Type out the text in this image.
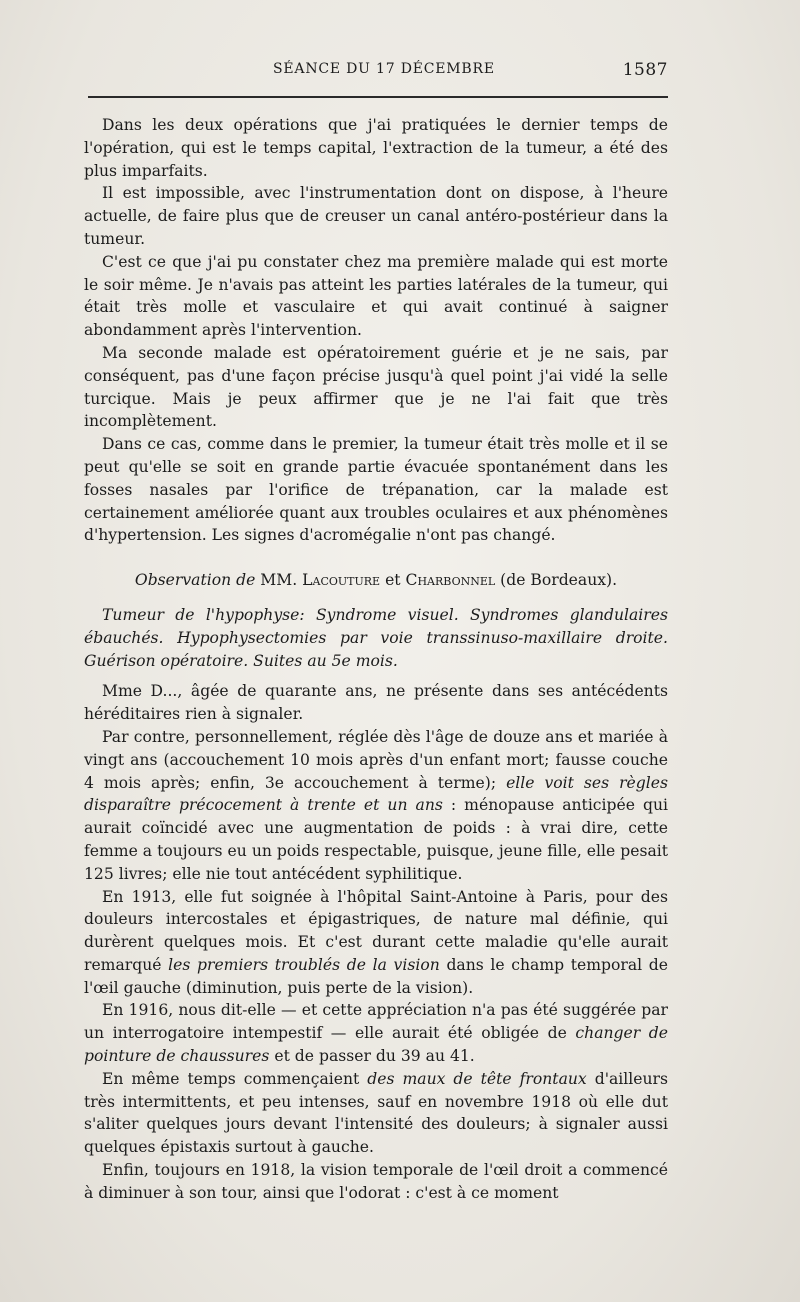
SÉANCE DU 17 DÉCEMBRE	1587

Dans les deux opérations que j'ai pratiquées le dernier temps de l'opération, qui est le temps capital, l'extraction de la tumeur, a été des plus imparfaits.

Il est impossible, avec l'instrumentation dont on dispose, à l'heure actuelle, de faire plus que de creuser un canal antéro-postérieur dans la tumeur.

C'est ce que j'ai pu constater chez ma première malade qui est morte le soir même. Je n'avais pas atteint les parties latérales de la tumeur, qui était très molle et vasculaire et qui avait continué à saigner abondamment après l'intervention.

Ma seconde malade est opératoirement guérie et je ne sais, par conséquent, pas d'une façon précise jusqu'à quel point j'ai vidé la selle turcique. Mais je peux affirmer que je ne l'ai fait que très incomplètement.

Dans ce cas, comme dans le premier, la tumeur était très molle et il se peut qu'elle se soit en grande partie évacuée spontanément dans les fosses nasales par l'orifice de trépanation, car la malade est certainement améliorée quant aux troubles oculaires et aux phénomènes d'hypertension. Les signes d'acromégalie n'ont pas changé.

Observation de MM. Lacouture et Charbonnel (de Bordeaux).

Tumeur de l'hypophyse: Syndrome visuel. Syndromes glandulaires ébauchés. Hypophysectomies par voie transsinuso-maxillaire droite. Guérison opératoire. Suites au 5e mois.

Mme D..., âgée de quarante ans, ne présente dans ses antécédents héréditaires rien à signaler.

Par contre, personnellement, réglée dès l'âge de douze ans et mariée à vingt ans (accouchement 10 mois après d'un enfant mort; fausse couche 4 mois après; enfin, 3e accouchement à terme); elle voit ses règles disparaître précocement à trente et un ans : ménopause anticipée qui aurait coïncidé avec une augmentation de poids : à vrai dire, cette femme a toujours eu un poids respectable, puisque, jeune fille, elle pesait 125 livres; elle nie tout antécédent syphilitique.

En 1913, elle fut soignée à l'hôpital Saint-Antoine à Paris, pour des douleurs intercostales et épigastriques, de nature mal définie, qui durèrent quelques mois. Et c'est durant cette maladie qu'elle aurait remarqué les premiers troublés de la vision dans le champ temporal de l'œil gauche (diminution, puis perte de la vision).

En 1916, nous dit-elle — et cette appréciation n'a pas été suggérée par un interrogatoire intempestif — elle aurait été obligée de changer de pointure de chaussures et de passer du 39 au 41.

En même temps commençaient des maux de tête frontaux d'ailleurs très intermittents, et peu intenses, sauf en novembre 1918 où elle dut s'aliter quelques jours devant l'intensité des douleurs; à signaler aussi quelques épistaxis surtout à gauche.

Enfin, toujours en 1918, la vision temporale de l'œil droit a commencé à diminuer à son tour, ainsi que l'odorat : c'est à ce moment
